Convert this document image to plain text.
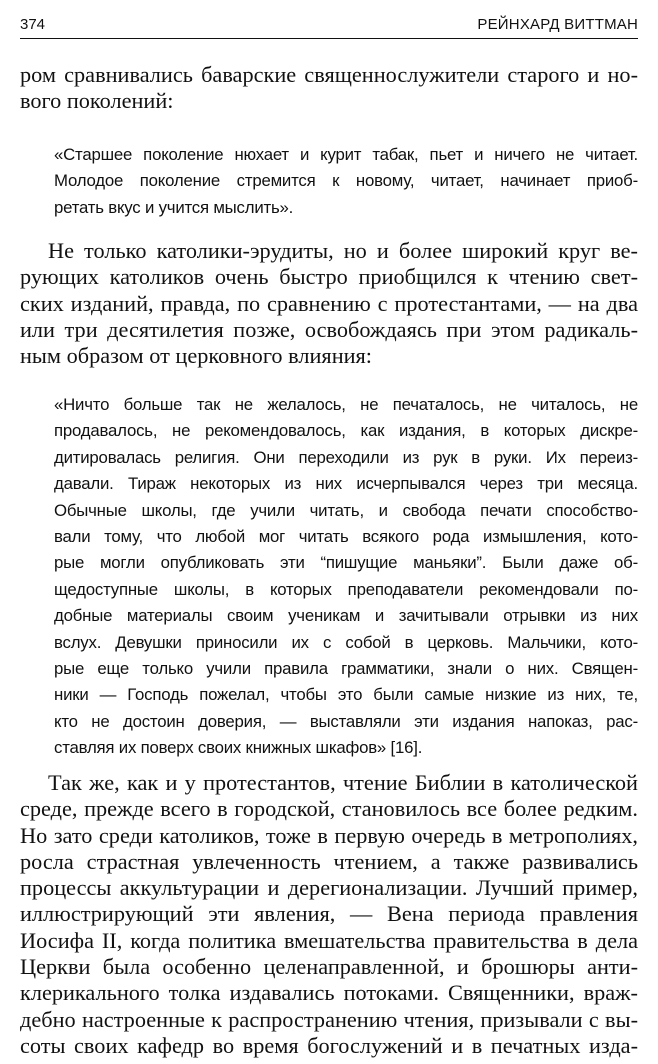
374	РЕЙНХАРД ВИТТМАН
ром сравнивались баварские священнослужители старого и но-
вого поколений:
«Старшее поколение нюхает и курит табак, пьет и ничего не читает.
Молодое поколение стремится к новому, читает, начинает приоб-
ретать вкус и учится мыслить».
Не только католики-эрудиты, но и более широкий круг ве-
рующих католиков очень быстро приобщился к чтению свет-
ских изданий, правда, по сравнению с протестантами, — на два
или три десятилетия позже, освобождаясь при этом радикаль-
ным образом от церковного влияния:
«Ничто больше так не желалось, не печаталось, не читалось, не
продавалось, не рекомендовалось, как издания, в которых дискре-
дитировалась религия. Они переходили из рук в руки. Их переиз-
давали. Тираж некоторых из них исчерпывался через три месяца.
Обычные школы, где учили читать, и свобода печати способство-
вали тому, что любой мог читать всякого рода измышления, кото-
рые могли опубликовать эти “пишущие маньяки”. Были даже об-
щедоступные школы, в которых преподаватели рекомендовали по-
добные материалы своим ученикам и зачитывали отрывки из них
вслух. Девушки приносили их с собой в церковь. Мальчики, кото-
рые еще только учили правила грамматики, знали о них. Священ-
ники — Господь пожелал, чтобы это были самые низкие из них, те,
кто не достоин доверия, — выставляли эти издания напоказ, рас-
ставляя их поверх своих книжных шкафов» [16].
Так же, как и у протестантов, чтение Библии в католической
среде, прежде всего в городской, становилось все более редким.
Но зато среди католиков, тоже в первую очередь в метрополиях,
росла страстная увлеченность чтением, а также развивались
процессы аккультурации и дерегионализации. Лучший пример,
иллюстрирующий эти явления, — Вена периода правления
Иосифа II, когда политика вмешательства правительства в дела
Церкви была особенно целенаправленной, и брошюры анти-
клерикального толка издавались потоками. Священники, враж-
дебно настроенные к распространению чтения, призывали с вы-
соты своих кафедр во время богослужений и в печатных изда-
